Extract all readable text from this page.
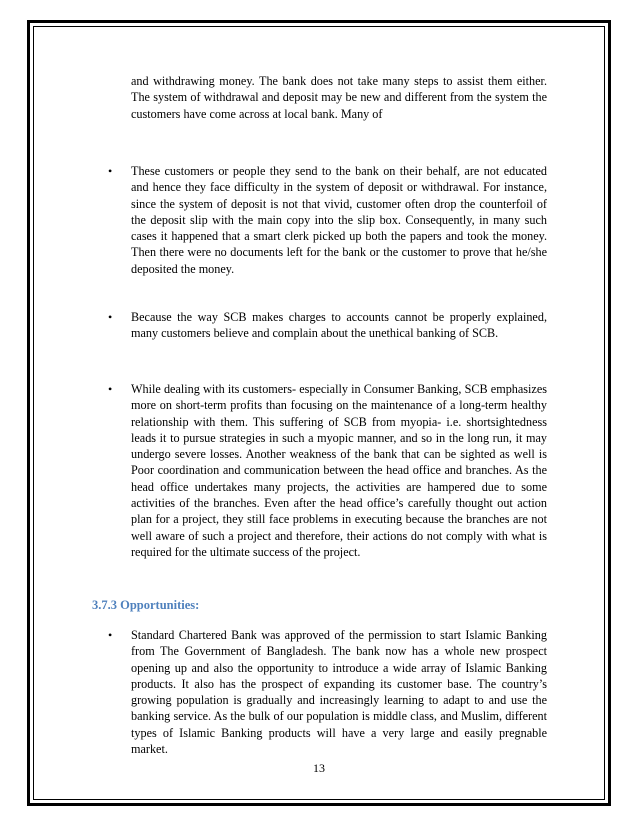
and withdrawing money. The bank does not take many steps to assist them either. The system of withdrawal and deposit may be new and different from the system the customers have come across at local bank. Many of

• These customers or people they send to the bank on their behalf, are not educated and hence they face difficulty in the system of deposit or withdrawal. For instance, since the system of deposit is not that vivid, customer often drop the counterfoil of the deposit slip with the main copy into the slip box. Consequently, in many such cases it happened that a smart clerk picked up both the papers and took the money. Then there were no documents left for the bank or the customer to prove that he/she deposited the money.

• Because the way SCB makes charges to accounts cannot be properly explained, many customers believe and complain about the unethical banking of SCB.

• While dealing with its customers- especially in Consumer Banking, SCB emphasizes more on short-term profits than focusing on the maintenance of a long-term healthy relationship with them. This suffering of SCB from myopia- i.e. shortsightedness leads it to pursue strategies in such a myopic manner, and so in the long run, it may undergo severe losses. Another weakness of the bank that can be sighted as well is Poor coordination and communication between the head office and branches. As the head office undertakes many projects, the activities are hampered due to some activities of the branches. Even after the head office’s carefully thought out action plan for a project, they still face problems in executing because the branches are not well aware of such a project and therefore, their actions do not comply with what is required for the ultimate success of the project.

3.7.3 Opportunities:
• Standard Chartered Bank was approved of the permission to start Islamic Banking from The Government of Bangladesh. The bank now has a whole new prospect opening up and also the opportunity to introduce a wide array of Islamic Banking products. It also has the prospect of expanding its customer base. The country’s growing population is gradually and increasingly learning to adapt to and use the banking service. As the bulk of our population is middle class, and Muslim, different types of Islamic Banking products will have a very large and easily pregnable market.

13
